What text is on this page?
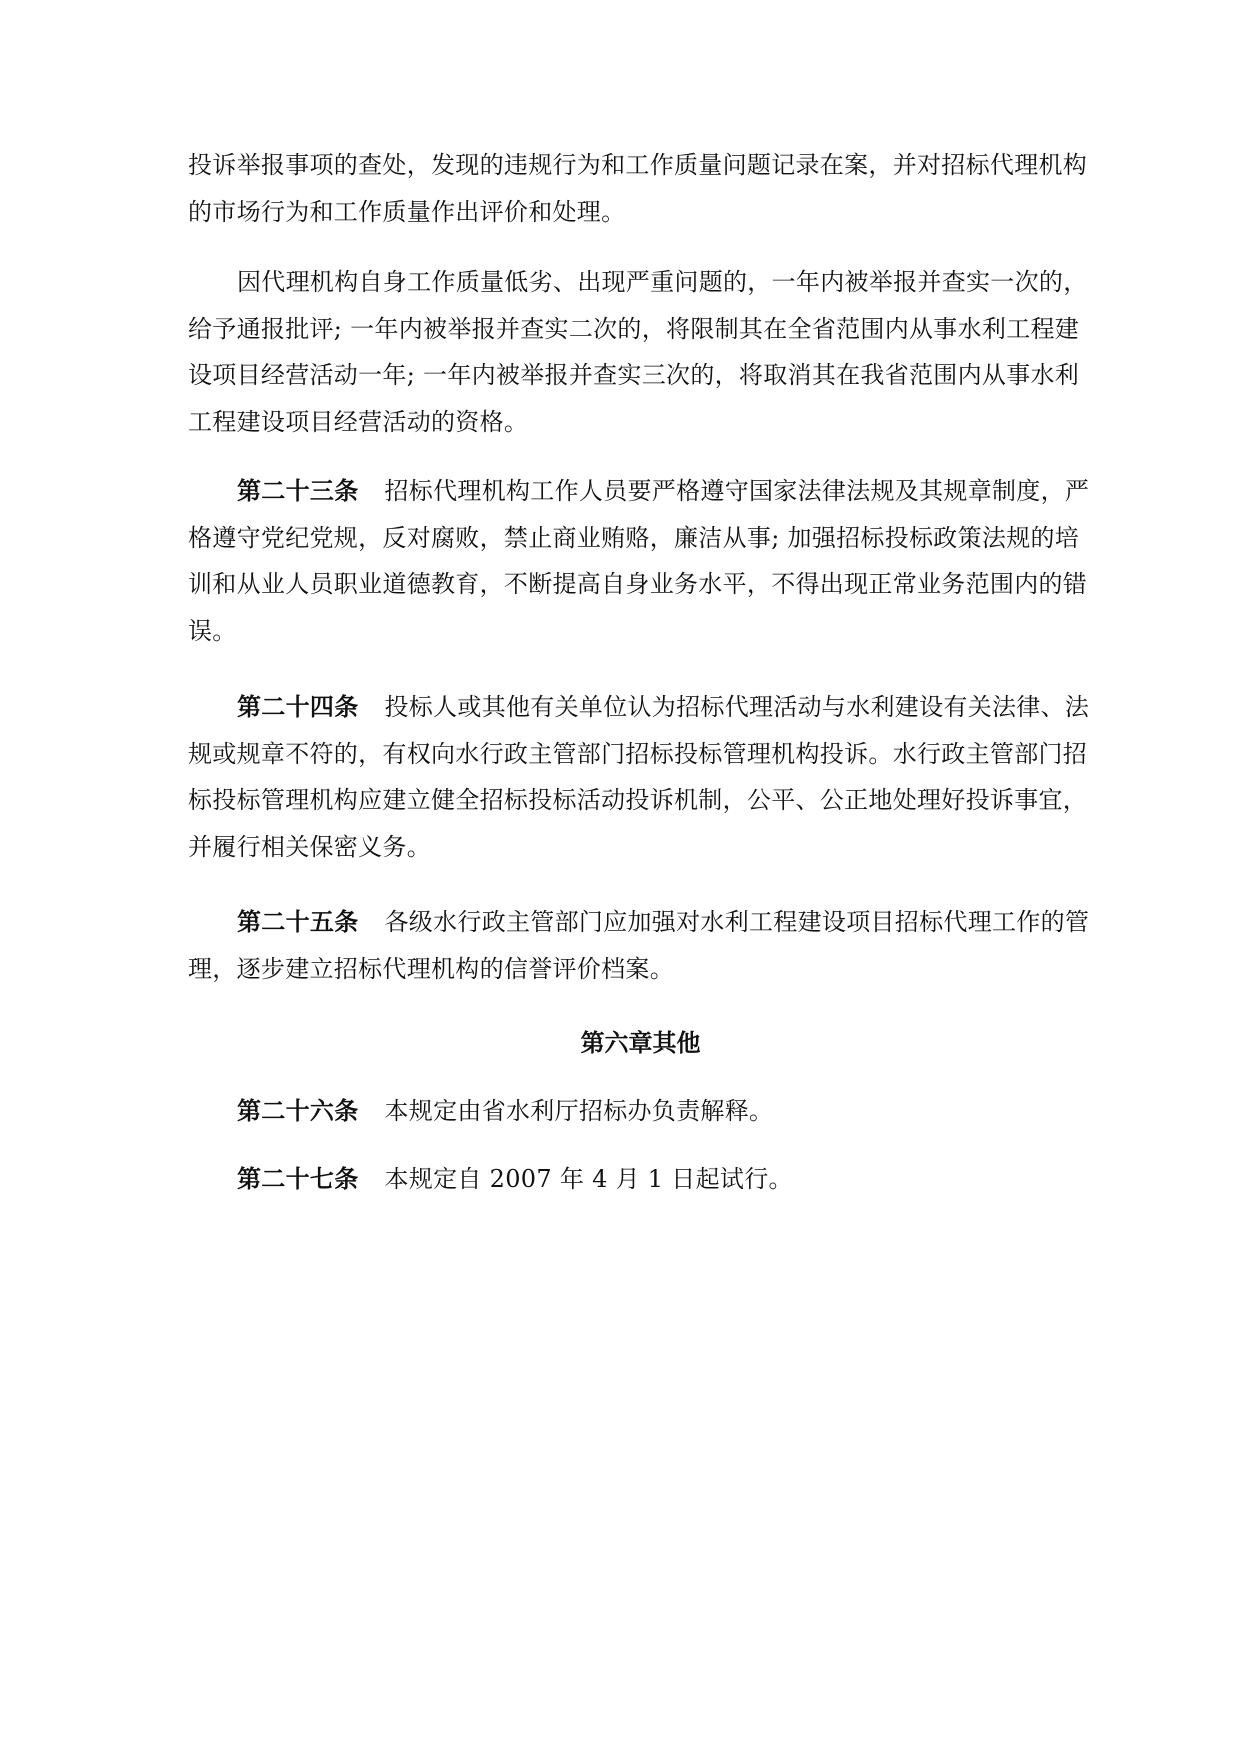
投诉举报事项的查处，发现的违规行为和工作质量问题记录在案，并对招标代理机构的市场行为和工作质量作出评价和处理。

因代理机构自身工作质量低劣、出现严重问题的，一年内被举报并查实一次的，给予通报批评; 一年内被举报并查实二次的，将限制其在全省范围内从事水利工程建设项目经营活动一年; 一年内被举报并查实三次的，将取消其在我省范围内从事水利工程建设项目经营活动的资格。

第二十三条 招标代理机构工作人员要严格遵守国家法律法规及其规章制度，严格遵守党纪党规，反对腐败，禁止商业贿赂，廉洁从事; 加强招标投标政策法规的培训和从业人员职业道德教育，不断提高自身业务水平，不得出现正常业务范围内的错误。

第二十四条 投标人或其他有关单位认为招标代理活动与水利建设有关法律、法规或规章不符的，有权向水行政主管部门招标投标管理机构投诉。水行政主管部门招标投标管理机构应建立健全招标投标活动投诉机制，公平、公正地处理好投诉事宜，并履行相关保密义务。

第二十五条 各级水行政主管部门应加强对水利工程建设项目招标代理工作的管理，逐步建立招标代理机构的信誉评价档案。

第六章其他

第二十六条 本规定由省水利厅招标办负责解释。

第二十七条 本规定自 2007 年 4 月 1 日起试行。
